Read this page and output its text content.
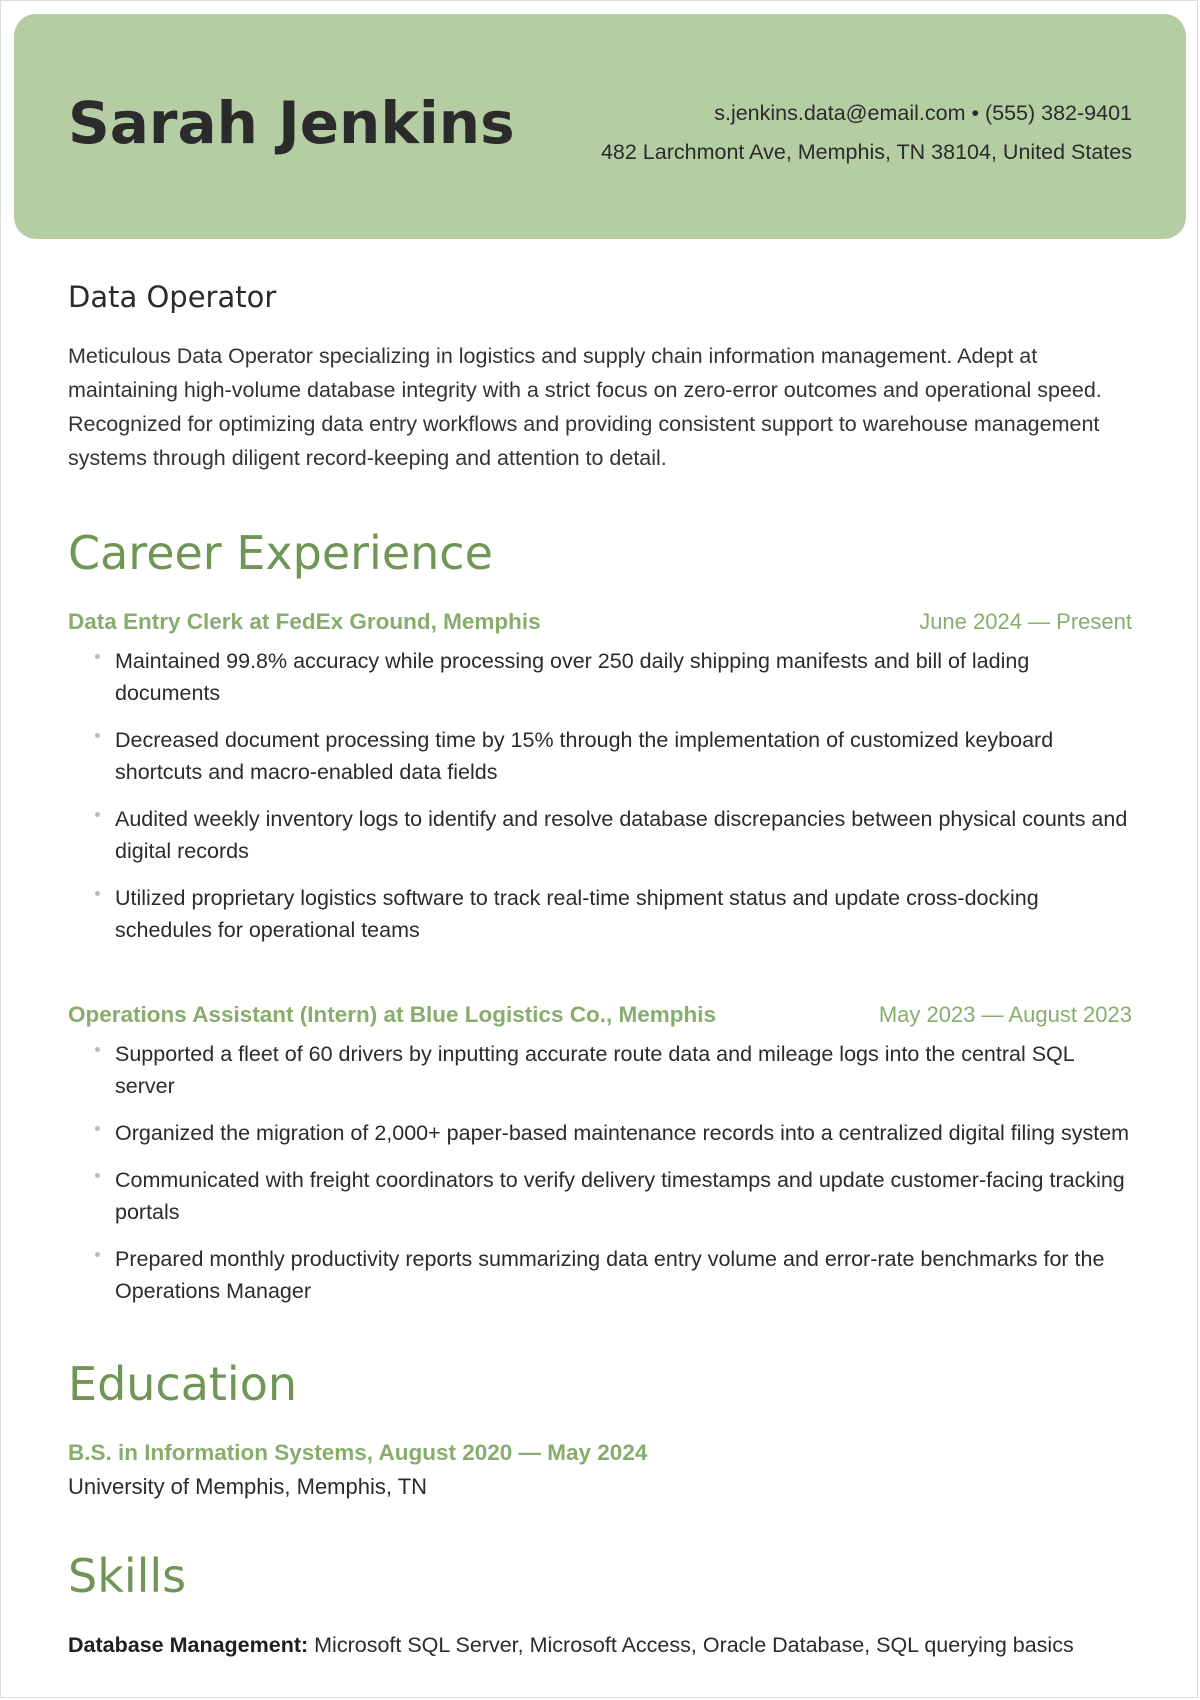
Sarah Jenkins	s.jenkins.data@email.com • (555) 382-9401
482 Larchmont Ave, Memphis, TN 38104, United States
Data Operator

Meticulous Data Operator specializing in logistics and supply chain information management. Adept at maintaining high-volume database integrity with a strict focus on zero-error outcomes and operational speed. Recognized for optimizing data entry workflows and providing consistent support to warehouse management systems through diligent record-keeping and attention to detail.

Career Experience
Data Entry Clerk at FedEx Ground, Memphis	June 2024 — Present
Maintained 99.8% accuracy while processing over 250 daily shipping manifests and bill of lading documents
Decreased document processing time by 15% through the implementation of customized keyboard shortcuts and macro-enabled data fields
Audited weekly inventory logs to identify and resolve database discrepancies between physical counts and digital records
Utilized proprietary logistics software to track real-time shipment status and update cross-docking schedules for operational teams
Operations Assistant (Intern) at Blue Logistics Co., Memphis	May 2023 — August 2023
Supported a fleet of 60 drivers by inputting accurate route data and mileage logs into the central SQL server
Organized the migration of 2,000+ paper-based maintenance records into a centralized digital filing system
Communicated with freight coordinators to verify delivery timestamps and update customer-facing tracking portals
Prepared monthly productivity reports summarizing data entry volume and error-rate benchmarks for the Operations Manager
Education
B.S. in Information Systems, August 2020 — May 2024
University of Memphis, Memphis, TN
Skills
Database Management: Microsoft SQL Server, Microsoft Access, Oracle Database, SQL querying basics
